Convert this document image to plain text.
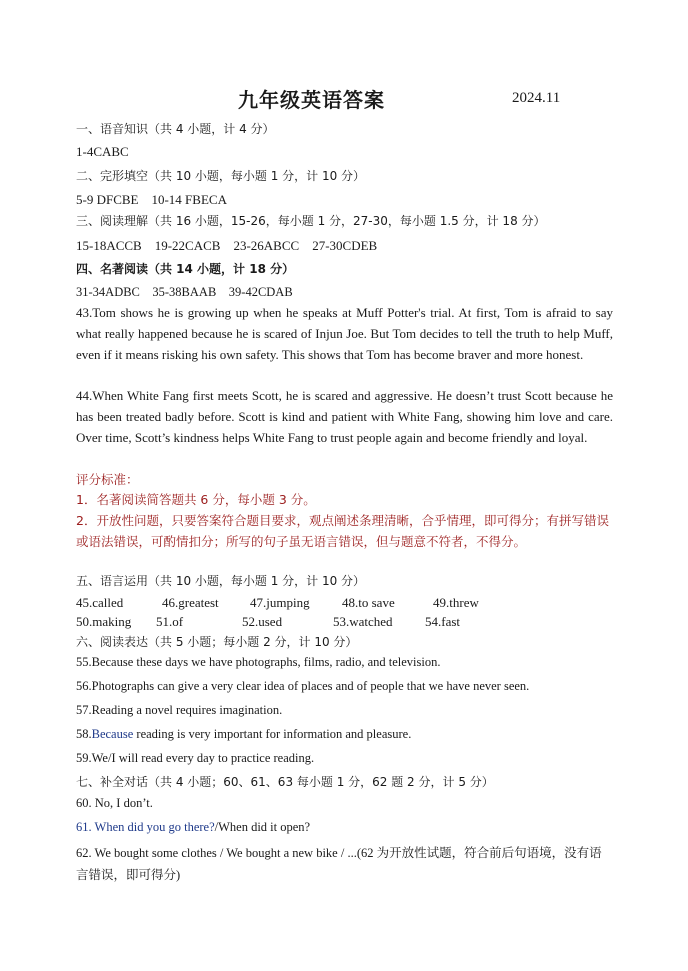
九年级英语答案	2024.11
一、语音知识（共 4 小题，计 4 分）
1-4CABC
二、完形填空（共 10 小题，每小题 1 分，计 10 分）
5-9 DFCBE    10-14 FBECA
三、阅读理解（共 16 小题，15-26，每小题 1 分，27-30，每小题 1.5 分，计 18 分）
15-18ACCB    19-22CACB    23-26ABCC    27-30CDEB
四、名著阅读（共 14 小题，计 18 分）
31-34ADBC    35-38BAAB    39-42CDAB
43.Tom shows he is growing up when he speaks at Muff Potter's trial. At first, Tom is afraid to say what really happened because he is scared of Injun Joe. But Tom decides to tell the truth to help Muff, even if it means risking his own safety. This shows that Tom has become braver and more honest.
44.When White Fang first meets Scott, he is scared and aggressive. He doesn’t trust Scott because he has been treated badly before. Scott is kind and patient with White Fang, showing him love and care. Over time, Scott’s kindness helps White Fang to trust people again and become friendly and loyal.
评分标准：
1．名著阅读简答题共 6 分，每小题 3 分。
2．开放性问题，只要答案符合题目要求，观点阐述条理清晰，合乎情理，即可得分；有拼写错误或语法错误，可酌情扣分；所写的句子虽无语言错误，但与题意不符者，不得分。
五、语言运用（共 10 小题，每小题 1 分，计 10 分）
45.called	46.greatest 47.jumping 48.to save	49.threw
50.making 51.of	52.used	53.watched 54.fast
六、阅读表达（共 5 小题；每小题 2 分，计 10 分）
55.Because these days we have photographs, films, radio, and television.
56.Photographs can give a very clear idea of places and of people that we have never seen.
57.Reading a novel requires imagination.
58.Because reading is very important for information and pleasure.
59.We/I will read every day to practice reading.
七、补全对话（共 4 小题；60、61、63 每小题 1 分，62 题 2 分，计 5 分）
60. No, I don’t.
61. When did you go there?/When did it open?
62. We bought some clothes / We bought a new bike / ...(62 为开放性试题，符合前后句语境，没有语言错误，即可得分)
